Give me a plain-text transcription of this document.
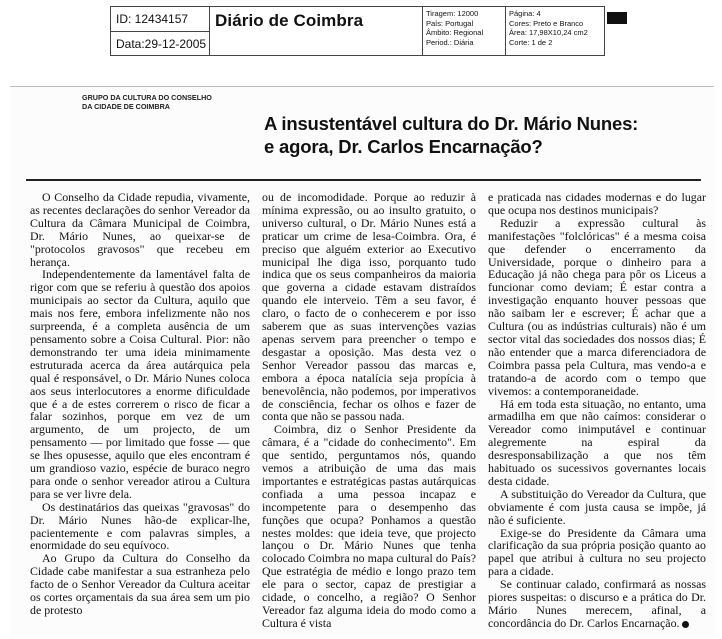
ID: 12434157
Data:29-12-2005
Diário de Coimbra	Tiragem: 12000
País: Portugal
Âmbito: Regional
Period.: Diária
Página: 4
Cores: Preto e Branco
Área: 17,98X10,24 cm2
Corte: 1 de 2
GRUPO DA CULTURA DO CONSELHO
DA CIDADE DE COIMBRA
A insustentável cultura do Dr. Mário Nunes:
e agora, Dr. Carlos Encarnação?

O Conselho da Cidade repudia, vivamente, as recentes declarações do senhor Vereador da Cultura da Câmara Municipal de Coimbra, Dr. Mário Nunes, ao queixar-se de "protocolos gravosos" que recebeu em herança.

Independentemente da lamentável falta de rigor com que se referiu à questão dos apoios municipais ao sector da Cultura, aquilo que mais nos fere, embora infelizmente não nos surpreenda, é a completa ausência de um pensamento sobre a Coisa Cultural. Pior: não demonstrando ter uma ideia minimamente estruturada acerca da área autárquica pela qual é responsável, o Dr. Mário Nunes coloca aos seus interlocutores a enorme dificuldade que é a de estes correrem o risco de ficar a falar sozinhos, porque em vez de um argumento, de um projecto, de um pensamento — por limitado que fosse — que se lhes opusesse, aquilo que eles encontram é um grandioso vazio, espécie de buraco negro para onde o senhor vereador atirou a Cultura para se ver livre dela.

Os destinatários das queixas "gravosas" do Dr. Mário Nunes hão-de explicar-lhe, pacientemente e com palavras simples, a enormidade do seu equívoco.

Ao Grupo da Cultura do Conselho da Cidade cabe manifestar a sua estranheza pelo facto de o Senhor Vereador da Cultura aceitar os cortes orçamentais da sua área sem um pio de protesto

ou de incomodidade. Porque ao reduzir à mínima expressão, ou ao insulto gratuito, o universo cultural, o Dr. Mário Nunes está a praticar um crime de lesa-Coimbra. Ora, é preciso que alguém exterior ao Executivo municipal lhe diga isso, porquanto tudo indica que os seus companheiros da maioria que governa a cidade estavam distraídos quando ele interveio. Têm a seu favor, é claro, o facto de o conhecerem e por isso saberem que as suas intervenções vazias apenas servem para preencher o tempo e desgastar a oposição. Mas desta vez o Senhor Vereador passou das marcas e, embora a época natalícia seja propícia à benevolência, não podemos, por imperativos de consciência, fechar os olhos e fazer de conta que não se passou nada.

Coimbra, diz o Senhor Presidente da câmara, é a "cidade do conhecimento". Em que sentido, perguntamos nós, quando vemos a atribuição de uma das mais importantes e estratégicas pastas autárquicas confiada a uma pessoa incapaz e incompetente para o desempenho das funções que ocupa? Ponhamos a questão nestes moldes: que ideia teve, que projecto lançou o Dr. Mário Nunes que tenha colocado Coimbra no mapa cultural do País? Que estratégia de médio e longo prazo tem ele para o sector, capaz de prestigiar a cidade, o concelho, a região? O Senhor Vereador faz alguma ideia do modo como a Cultura é vista

e praticada nas cidades modernas e do lugar que ocupa nos destinos municipais?

Reduzir a expressão cultural às manifestações "folclóricas" é a mesma coisa que defender o encerramento da Universidade, porque o dinheiro para a Educação já não chega para pôr os Liceus a funcionar como deviam; É estar contra a investigação enquanto houver pessoas que não saibam ler e escrever; É achar que a Cultura (ou as indústrias culturais) não é um sector vital das sociedades dos nossos dias; É não entender que a marca diferenciadora de Coimbra passa pela Cultura, mas vendo-a e tratando-a de acordo com o tempo que vivemos: a contemporaneidade.

Há em toda esta situação, no entanto, uma armadilha em que não caímos: considerar o Vereador como inimputável e continuar alegremente na espiral da desresponsabilização a que nos têm habituado os sucessivos governantes locais desta cidade.

A substituição do Vereador da Cultura, que obviamente é com justa causa se impõe, já não é suficiente.

Exige-se do Presidente da Câmara uma clarificação da sua própria posição quanto ao papel que atribui à cultura no seu projecto para a cidade.

Se continuar calado, confirmará as nossas piores suspeitas: o discurso e a prática do Dr. Mário Nunes merecem, afinal, a concordância do Dr. Carlos Encarnação.
